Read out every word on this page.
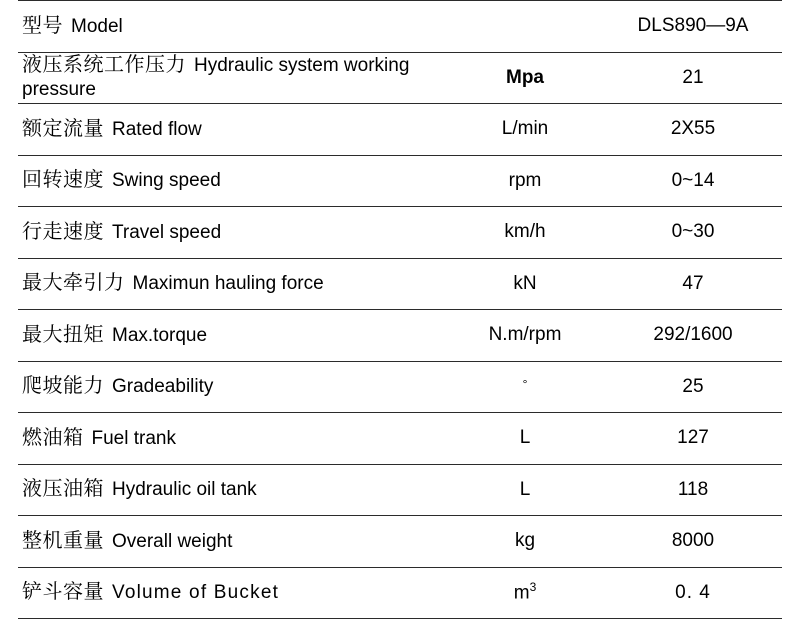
型号 Model		DLS890—9A
液压系统工作压力 Hydraulic system working pressure	Mpa	21
额定流量 Rated flow	L/min	2X55
回转速度 Swing speed	rpm	0~14
行走速度 Travel speed	km/h	0~30
最大牵引力 Maximun hauling force	kN	47
最大扭矩 Max.torque	N.m/rpm	292/1600
爬坡能力 Gradeability	°	25
燃油箱 Fuel trank	L	127
液压油箱 Hydraulic oil tank	L	118
整机重量 Overall weight	kg	8000
铲斗容量 Volume of Bucket	$m^3$	0. 4
